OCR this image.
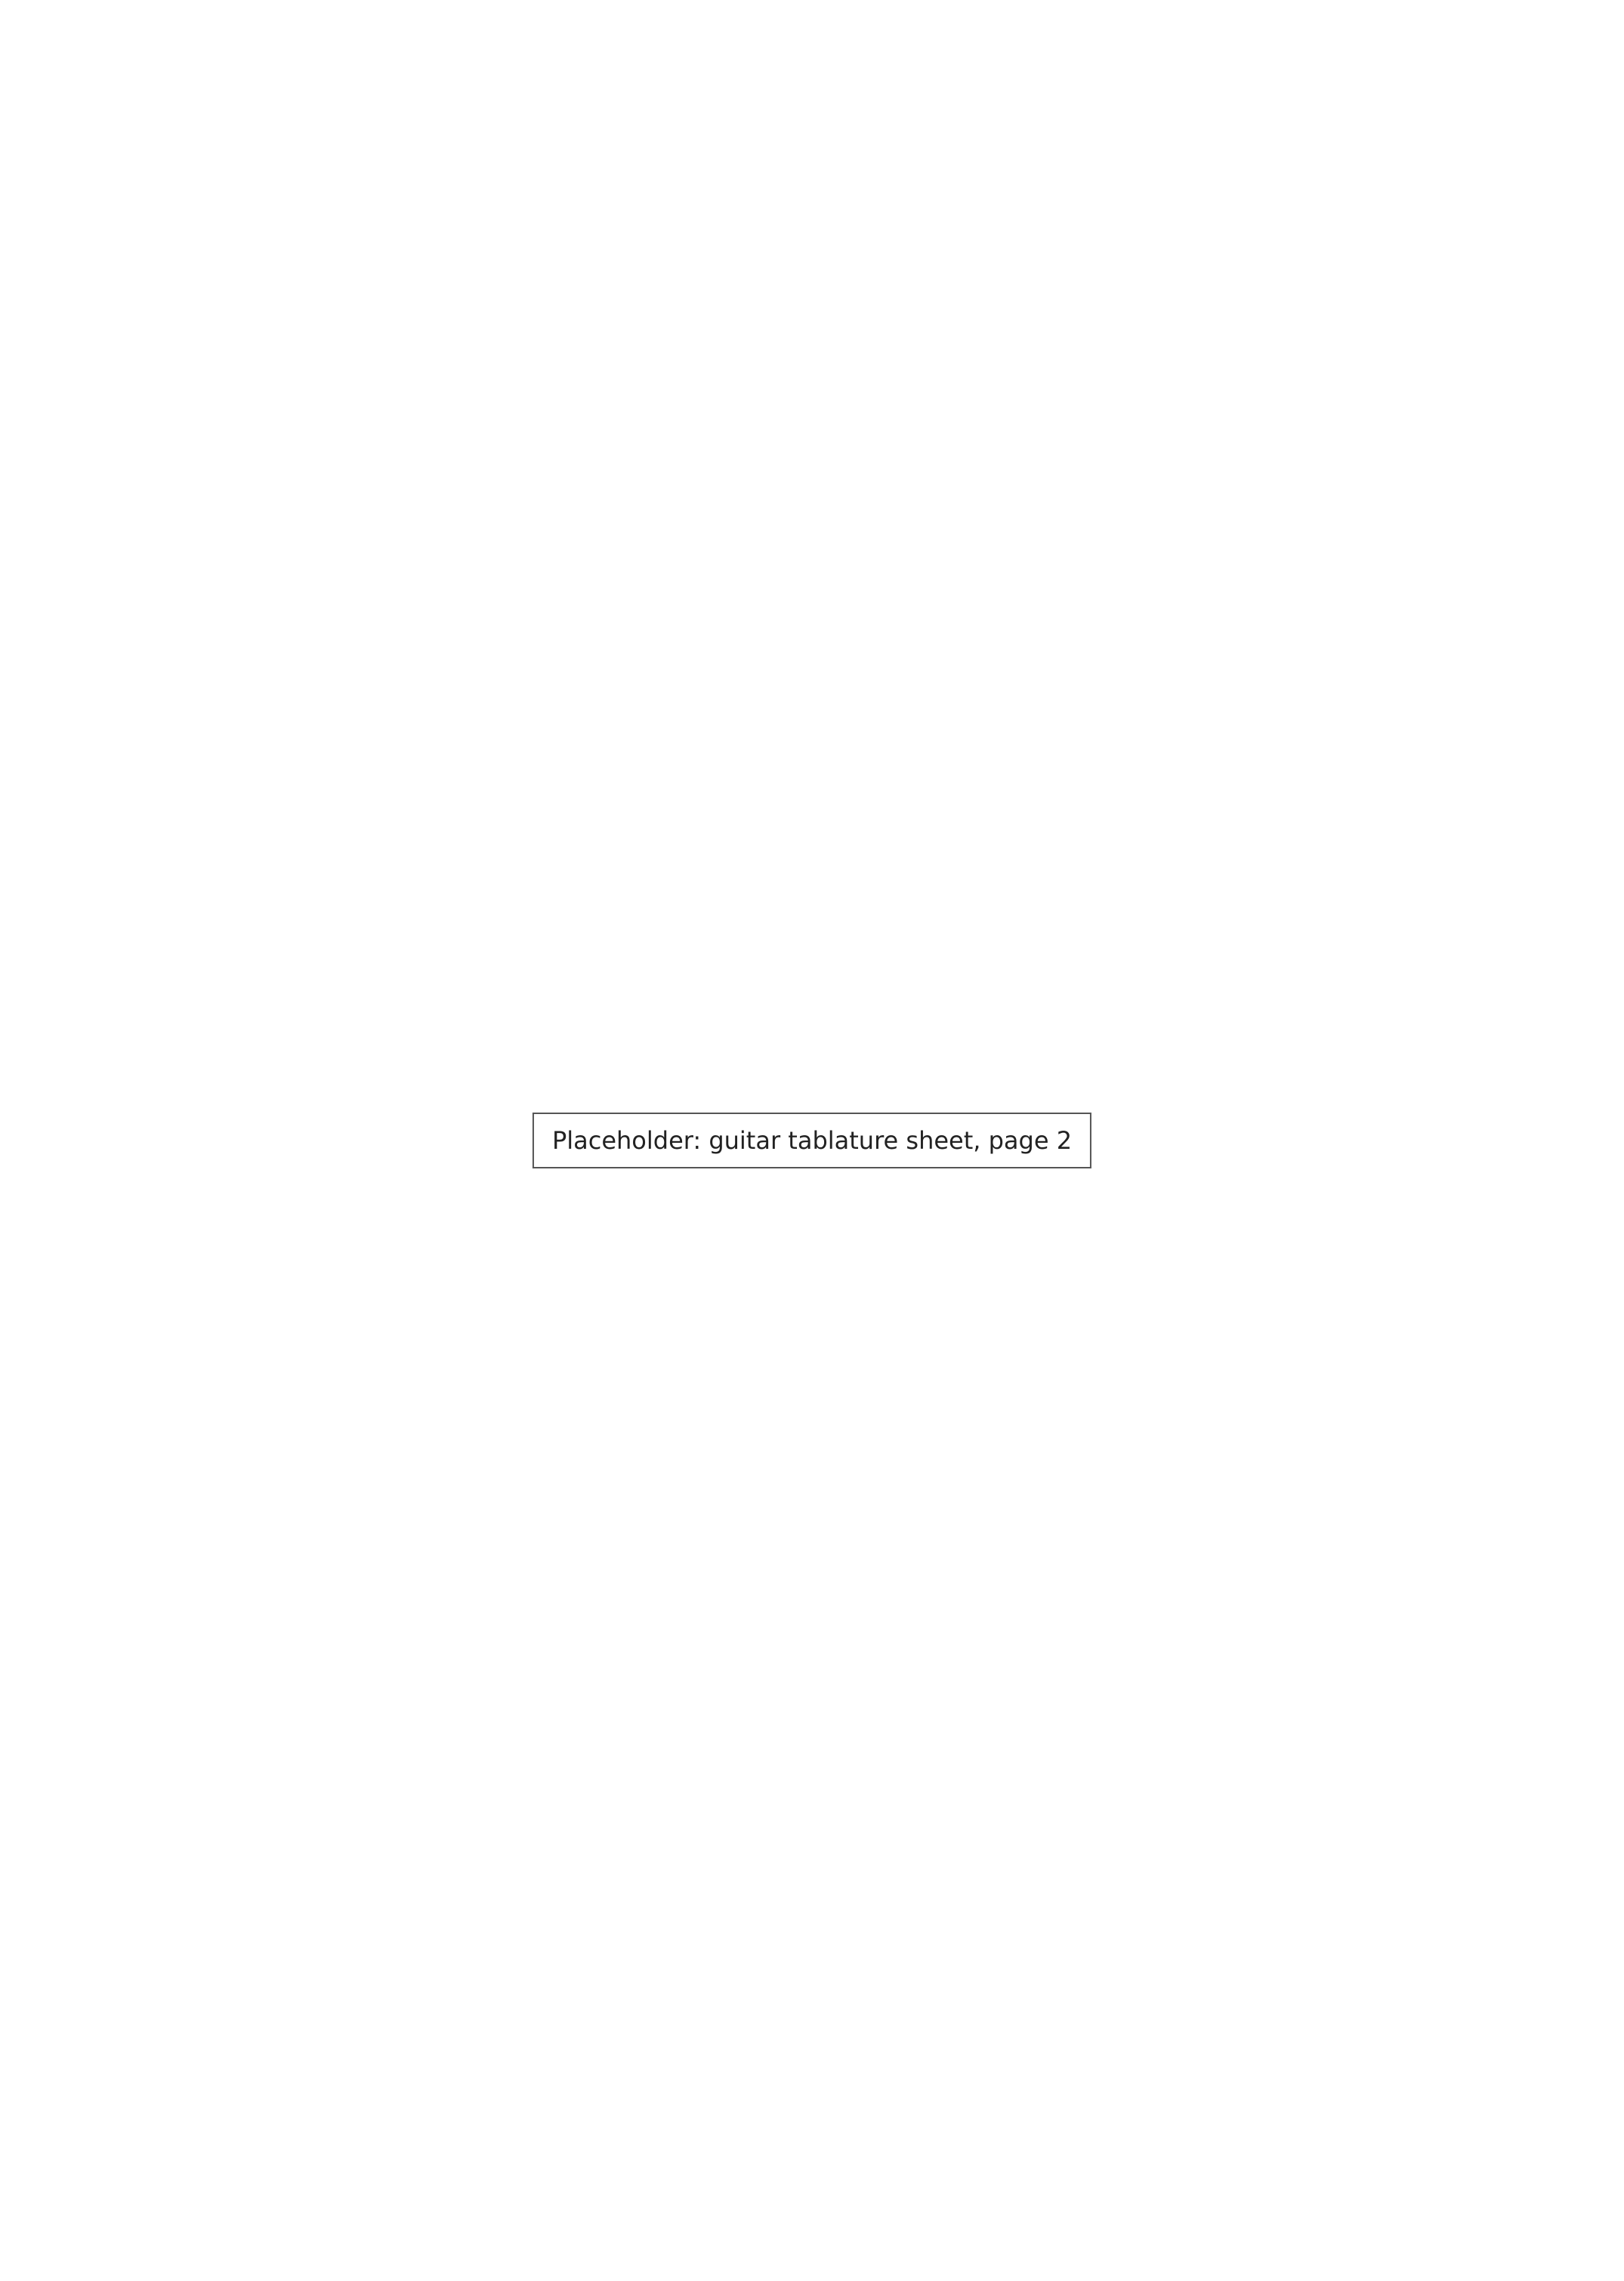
Placeholder: guitar tablature sheet, page 2
